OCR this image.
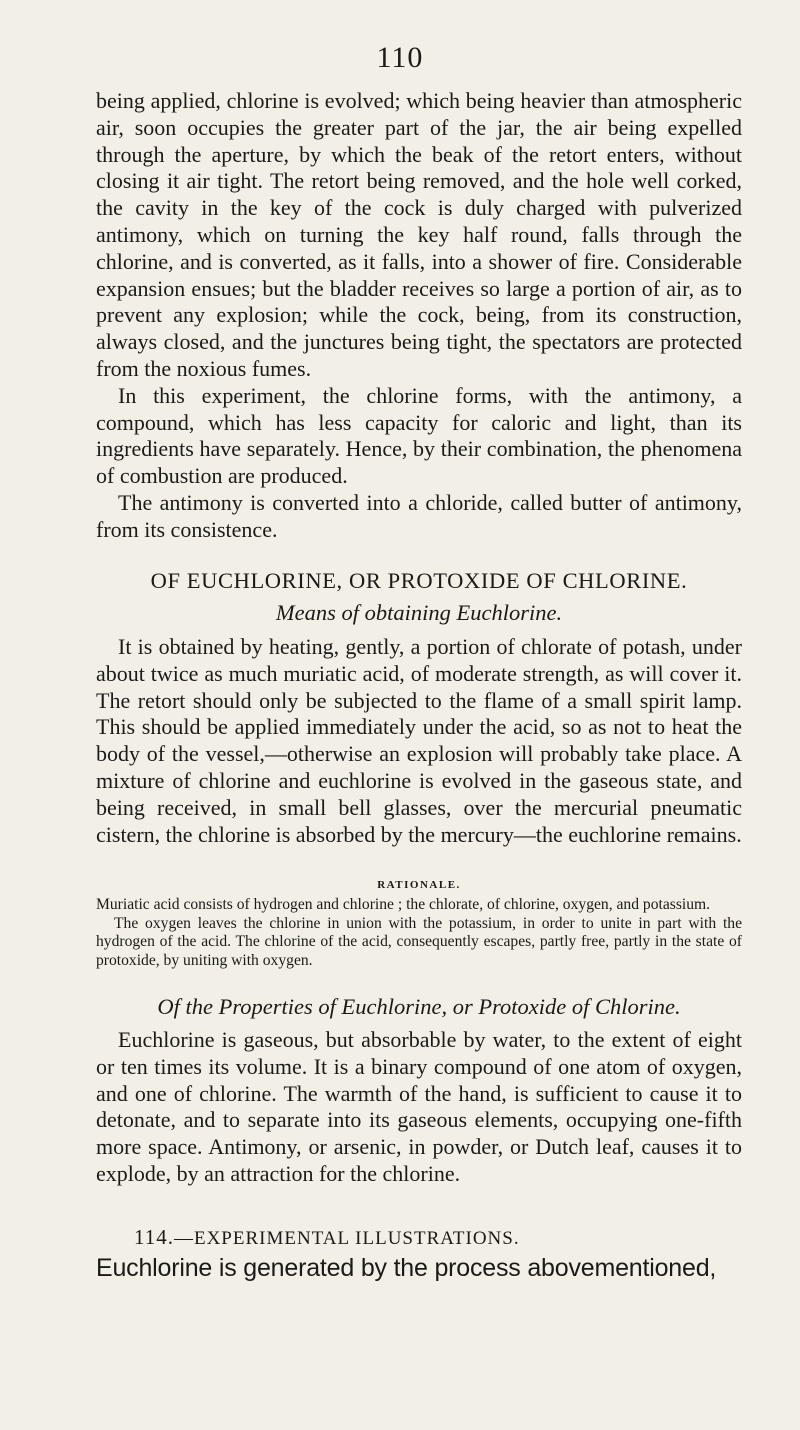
110

being applied, chlorine is evolved; which being heavier than atmospheric air, soon occupies the greater part of the jar, the air being expelled through the aperture, by which the beak of the retort enters, without closing it air tight. The retort being removed, and the hole well corked, the cavity in the key of the cock is duly charged with pulverized antimony, which on turning the key half round, falls through the chlorine, and is converted, as it falls, into a shower of fire. Considerable expansion ensues; but the bladder receives so large a portion of air, as to prevent any explosion; while the cock, being, from its construction, always closed, and the junctures being tight, the spectators are protected from the noxious fumes.

In this experiment, the chlorine forms, with the antimony, a compound, which has less capacity for caloric and light, than its ingredients have separately. Hence, by their combination, the phenomena of combustion are produced.

The antimony is converted into a chloride, called butter of antimony, from its consistence.

OF EUCHLORINE, OR PROTOXIDE OF CHLORINE.
Means of obtaining Euchlorine.

It is obtained by heating, gently, a portion of chlorate of potash, under about twice as much muriatic acid, of moderate strength, as will cover it. The retort should only be subjected to the flame of a small spirit lamp. This should be applied immediately under the acid, so as not to heat the body of the vessel,—otherwise an explosion will probably take place. A mixture of chlorine and euchlorine is evolved in the gaseous state, and being received, in small bell glasses, over the mercurial pneumatic cistern, the chlorine is absorbed by the mercury—the euchlorine remains.

RATIONALE.

Muriatic acid consists of hydrogen and chlorine ; the chlorate, of chlorine, oxygen, and potassium.

The oxygen leaves the chlorine in union with the potassium, in order to unite in part with the hydrogen of the acid. The chlorine of the acid, consequently escapes, partly free, partly in the state of protoxide, by uniting with oxygen.

Of the Properties of Euchlorine, or Protoxide of Chlorine.

Euchlorine is gaseous, but absorbable by water, to the extent of eight or ten times its volume. It is a binary compound of one atom of oxygen, and one of chlorine. The warmth of the hand, is sufficient to cause it to detonate, and to separate into its gaseous elements, occupying one-fifth more space. Antimony, or arsenic, in powder, or Dutch leaf, causes it to explode, by an attraction for the chlorine.

114.—EXPERIMENTAL ILLUSTRATIONS.
Euchlorine is generated by the process abovementioned,
